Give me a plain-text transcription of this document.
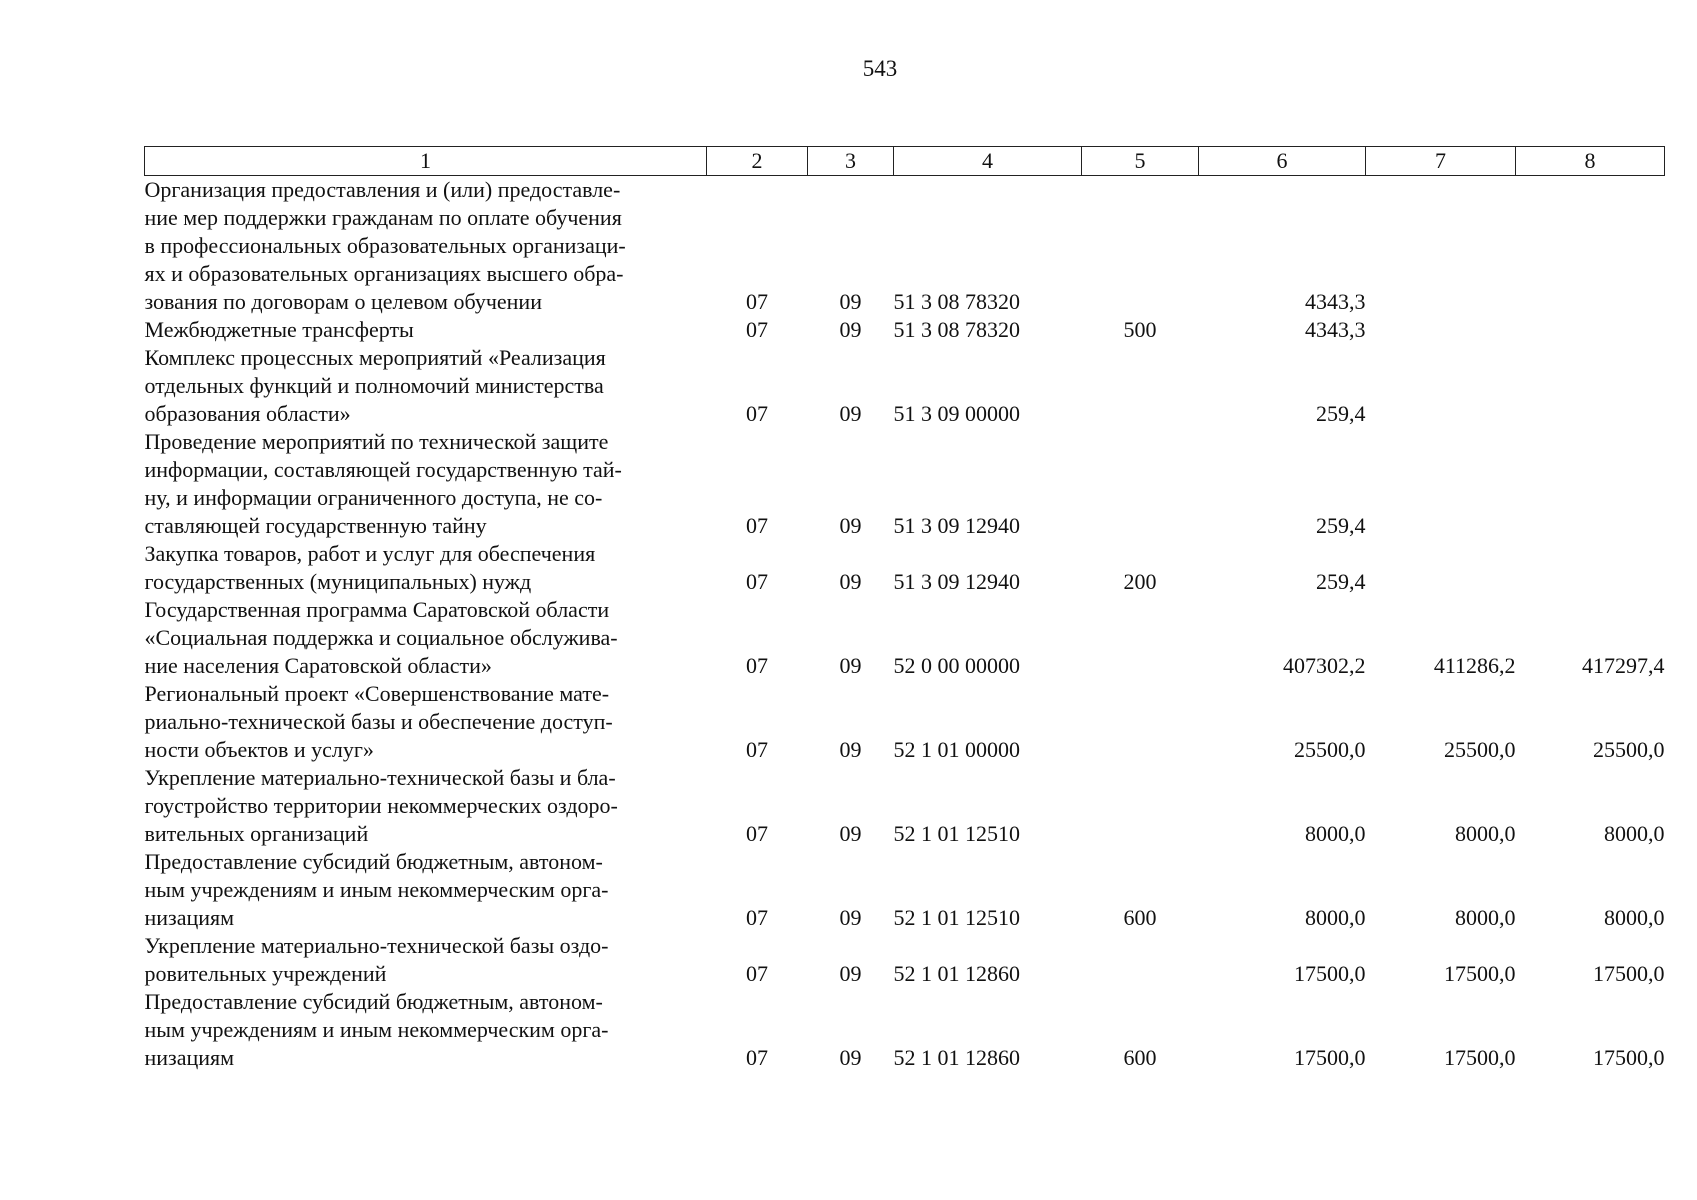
543
1	2	3	4	5	6	7	8
Организация предоставления и (или) предоставле-
ние мер поддержки гражданам по оплате обучения
в профессиональных образовательных организаци-
ях и образовательных организациях высшего обра-
зования по договорам о целевом обучении	07	09	51 3 08 78320		4343,3		
Межбюджетные трансферты	07	09	51 3 08 78320	500	4343,3		
Комплекс процессных мероприятий «Реализация
отдельных функций и полномочий министерства
образования области»	07	09	51 3 09 00000		259,4		
Проведение мероприятий по технической защите
информации, составляющей государственную тай-
ну, и информации ограниченного доступа, не со-
ставляющей государственную тайну	07	09	51 3 09 12940		259,4		
Закупка товаров, работ и услуг для обеспечения
государственных (муниципальных) нужд	07	09	51 3 09 12940	200	259,4		
Государственная программа Саратовской области
«Социальная поддержка и социальное обслужива-
ние населения Саратовской области»	07	09	52 0 00 00000		407302,2	411286,2	417297,4
Региональный проект «Совершенствование мате-
риально-технической базы и обеспечение доступ-
ности объектов и услуг»	07	09	52 1 01 00000		25500,0	25500,0	25500,0
Укрепление материально-технической базы и бла-
гоустройство территории некоммерческих оздоро-
вительных организаций	07	09	52 1 01 12510		8000,0	8000,0	8000,0
Предоставление субсидий бюджетным, автоном-
ным учреждениям и иным некоммерческим орга-
низациям	07	09	52 1 01 12510	600	8000,0	8000,0	8000,0
Укрепление материально-технической базы оздо-
ровительных учреждений	07	09	52 1 01 12860		17500,0	17500,0	17500,0
Предоставление субсидий бюджетным, автоном-
ным учреждениям и иным некоммерческим орга-
низациям	07	09	52 1 01 12860	600	17500,0	17500,0	17500,0
